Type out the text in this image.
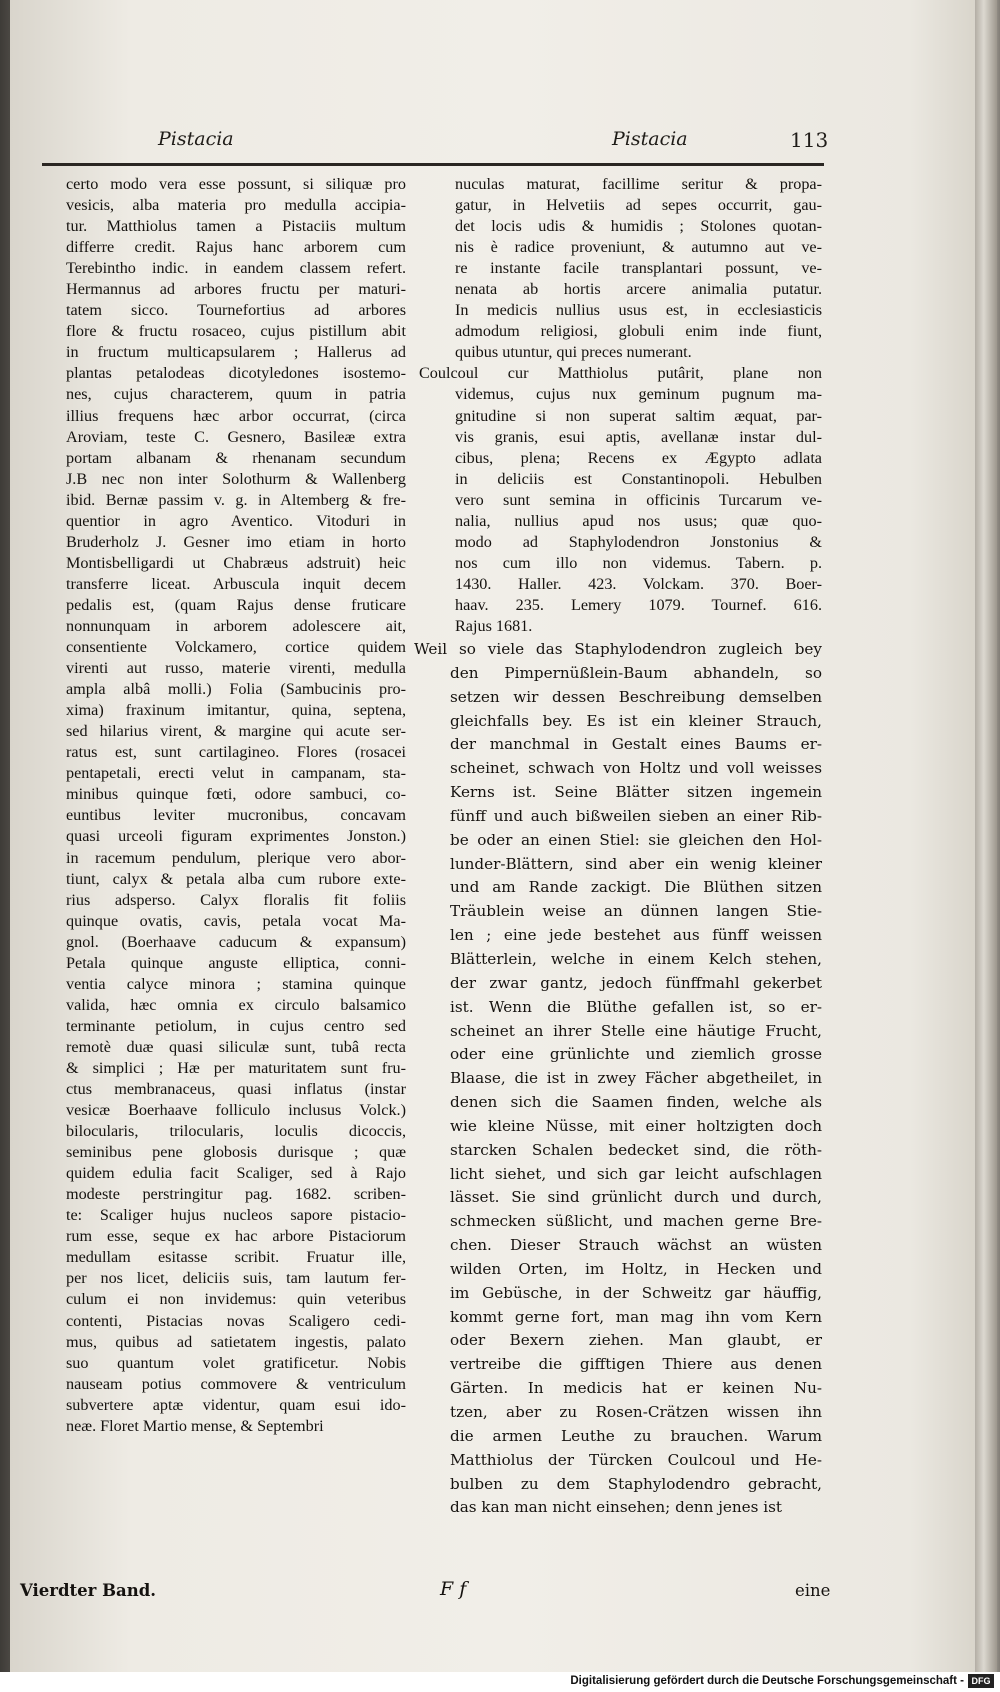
Pistacia	Pistacia	113
certo modo vera esse possunt, si siliquæ pro
vesicis, alba materia pro medulla accipia-
tur. Matthiolus tamen a Pistaciis multum
differre credit. Rajus hanc arborem cum
Terebintho indic. in eandem classem refert.
Hermannus ad arbores fructu per maturi-
tatem sicco. Tournefortius ad arbores
flore & fructu rosaceo, cujus pistillum abit
in fructum multicapsularem ; Hallerus ad
plantas petalodeas dicotyledones isostemo-
nes, cujus characterem, quum in patria
illius frequens hæc arbor occurrat, (circa
Aroviam, teste C. Gesnero, Basileæ extra
portam albanam & rhenanam secundum
J.B nec non inter Solothurm & Wallenberg
ibid. Bernæ passim v. g. in Altemberg & fre-
quentior in agro Aventico. Vitoduri in
Bruderholz J. Gesner imo etiam in horto
Montisbelligardi ut Chabræus adstruit) heic
transferre liceat. Arbuscula inquit decem
pedalis est, (quam Rajus dense fruticare
nonnunquam in arborem adolescere ait,
consentiente Volckamero, cortice quidem
virenti aut russo, materie virenti, medulla
ampla albâ molli.) Folia (Sambucinis pro-
xima) fraxinum imitantur, quina, septena,
sed hilarius virent, & margine qui acute ser-
ratus est, sunt cartilagineo. Flores (rosacei
pentapetali, erecti velut in campanam, sta-
minibus quinque fœti, odore sambuci, co-
euntibus leviter mucronibus, concavam
quasi urceoli figuram exprimentes Jonston.)
in racemum pendulum, plerique vero abor-
tiunt, calyx & petala alba cum rubore exte-
rius adsperso. Calyx floralis fit foliis
quinque ovatis, cavis, petala vocat Ma-
gnol. (Boerhaave caducum & expansum)
Petala quinque anguste elliptica, conni-
ventia calyce minora ; stamina quinque
valida, hæc omnia ex circulo balsamico
terminante petiolum, in cujus centro sed
remotè duæ quasi siliculæ sunt, tubâ recta
& simplici ; Hæ per maturitatem sunt fru-
ctus membranaceus, quasi inflatus (instar
vesicæ Boerhaave folliculo inclusus Volck.)
bilocularis, trilocularis, loculis dicoccis,
seminibus pene globosis durisque ; quæ
quidem edulia facit Scaliger, sed à Rajo
modeste perstringitur pag. 1682. scriben-
te: Scaliger hujus nucleos sapore pistacio-
rum esse, seque ex hac arbore Pistaciorum
medullam esitasse scribit. Fruatur ille,
per nos licet, deliciis suis, tam lautum fer-
culum ei non invidemus: quin veteribus
contenti, Pistacias novas Scaligero cedi-
mus, quibus ad satietatem ingestis, palato
suo quantum volet gratificetur. Nobis
nauseam potius commovere & ventriculum
subvertere aptæ videntur, quam esui ido-
neæ. Floret Martio mense, & Septembri
nuculas maturat, facillime seritur & propa-
gatur, in Helvetiis ad sepes occurrit, gau-
det locis udis & humidis ; Stolones quotan-
nis è radice proveniunt, & autumno aut ve-
re instante facile transplantari possunt, ve-
nenata ab hortis arcere animalia putatur.
In medicis nullius usus est, in ecclesiasticis
admodum religiosi, globuli enim inde fiunt,
quibus utuntur, qui preces numerant.
Coulcoul cur Matthiolus putârit, plane non
videmus, cujus nux geminum pugnum ma-
gnitudine si non superat saltim æquat, par-
vis granis, esui aptis, avellanæ instar dul-
cibus, plena; Recens ex Ægypto adlata
in deliciis est Constantinopoli. Hebulben
vero sunt semina in officinis Turcarum ve-
nalia, nullius apud nos usus; quæ quo-
modo ad Staphylodendron Jonstonius &
nos cum illo non videmus. Tabern. p.
1430. Haller. 423. Volckam. 370. Boer-
haav. 235. Lemery 1079. Tournef. 616.
Rajus 1681.
Weil so viele das Staphylodendron zugleich bey
den Pimpernüßlein-Baum abhandeln, so
setzen wir dessen Beschreibung demselben
gleichfalls bey. Es ist ein kleiner Strauch,
der manchmal in Gestalt eines Baums er-
scheinet, schwach von Holtz und voll weisses
Kerns ist. Seine Blätter sitzen ingemein
fünff und auch bißweilen sieben an einer Rib-
be oder an einen Stiel: sie gleichen den Hol-
lunder-Blättern, sind aber ein wenig kleiner
und am Rande zackigt. Die Blüthen sitzen
Träublein weise an dünnen langen Stie-
len ; eine jede bestehet aus fünff weissen
Blätterlein, welche in einem Kelch stehen,
der zwar gantz, jedoch fünffmahl gekerbet
ist. Wenn die Blüthe gefallen ist, so er-
scheinet an ihrer Stelle eine häutige Frucht,
oder eine grünlichte und ziemlich grosse
Blaase, die ist in zwey Fächer abgetheilet, in
denen sich die Saamen finden, welche als
wie kleine Nüsse, mit einer holtzigten doch
starcken Schalen bedecket sind, die röth-
licht siehet, und sich gar leicht aufschlagen
lässet. Sie sind grünlicht durch und durch,
schmecken süßlicht, und machen gerne Bre-
chen. Dieser Strauch wächst an wüsten
wilden Orten, im Holtz, in Hecken und
im Gebüsche, in der Schweitz gar häuffig,
kommt gerne fort, man mag ihn vom Kern
oder Bexern ziehen. Man glaubt, er
vertreibe die gifftigen Thiere aus denen
Gärten. In medicis hat er keinen Nu-
tzen, aber zu Rosen-Crätzen wissen ihn
die armen Leuthe zu brauchen. Warum
Matthiolus der Türcken Coulcoul und He-
bulben zu dem Staphylodendro gebracht,
das kan man nicht einsehen; denn jenes ist
Vierdter Band.	F f	eine
Digitalisierung gefördert durch die Deutsche Forschungsgemeinschaft - DFG
